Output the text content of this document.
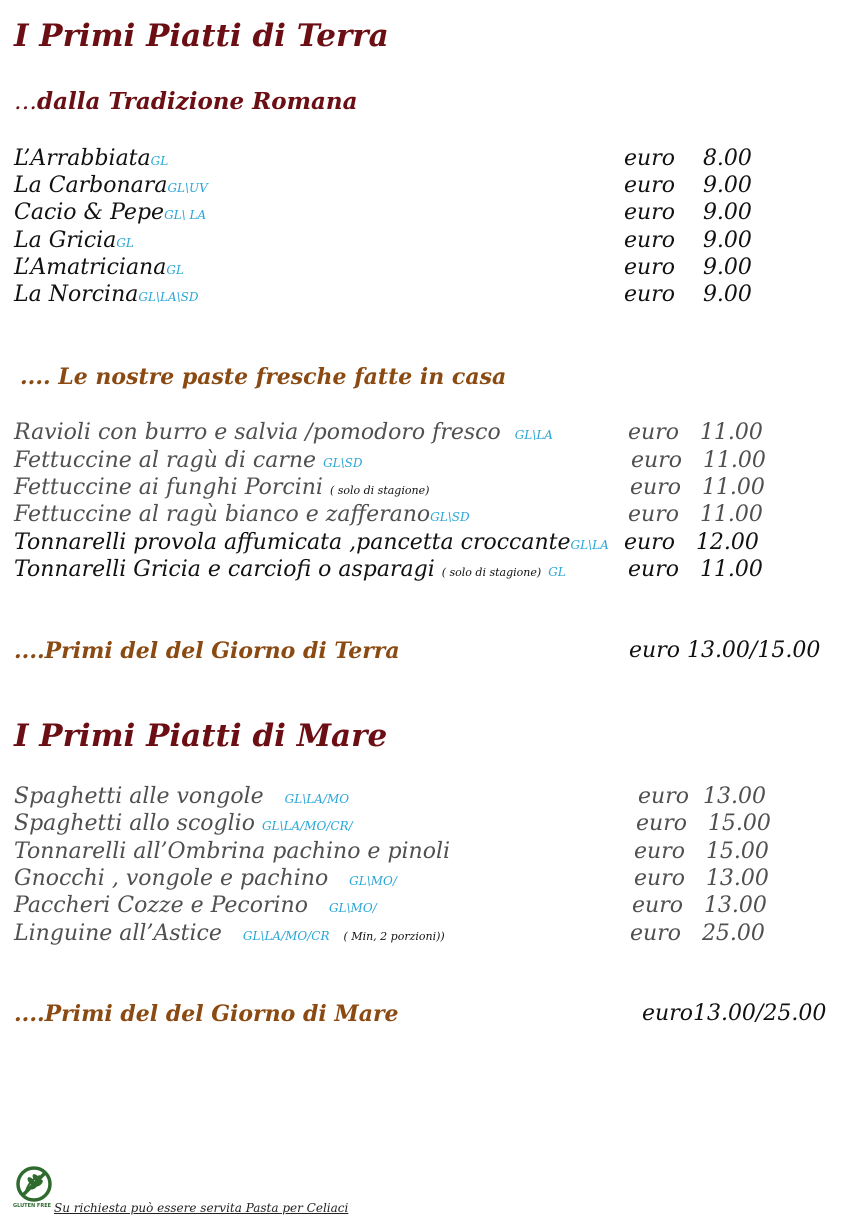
I Primi Piatti di Terra
…dalla Tradizione Romana
L’ArrabbiataGL	euro 8.00
La CarbonaraGL\UV	euro 9.00
Cacio & PepeGL\ LA	euro 9.00
La GriciaGL	euro 9.00
L’AmatricianaGL	euro 9.00
La NorcinaGL\LA\SD	euro 9.00
.... Le nostre paste fresche fatte in casa
Ravioli con burro e salvia /pomodoro fresco GL\LA	euro 11.00
Fettuccine al ragù di carne GL\SD	euro 11.00
Fettuccine ai funghi Porcini ( solo di stagione)	euro 11.00
Fettuccine al ragù bianco e zafferanoGL\SD	euro 11.00
Tonnarelli provola affumicata ,pancetta croccanteGL\LA euro 12.00
Tonnarelli Gricia e carciofi o asparagi ( solo di stagione) GL	euro 11.00
....Primi del del Giorno di Terra	euro 13.00/15.00
I Primi Piatti di Mare
Spaghetti alle vongole GL\LA/MO	euro 13.00
Spaghetti allo scoglio GL\LA/MO/CR/	euro 15.00
Tonnarelli all’Ombrina pachino e pinoli	euro 15.00
Gnocchi , vongole e pachino GL\MO/	euro 13.00
Paccheri Cozze e Pecorino GL\MO/	euro 13.00
Linguine all’Astice GL\LA/MO/CR ( Min, 2 porzioni))	euro 25.00
....Primi del del Giorno di Mare	euro13.00/25.00
GLUTEN FREE Su richiesta può essere servita Pasta per Celiaci
